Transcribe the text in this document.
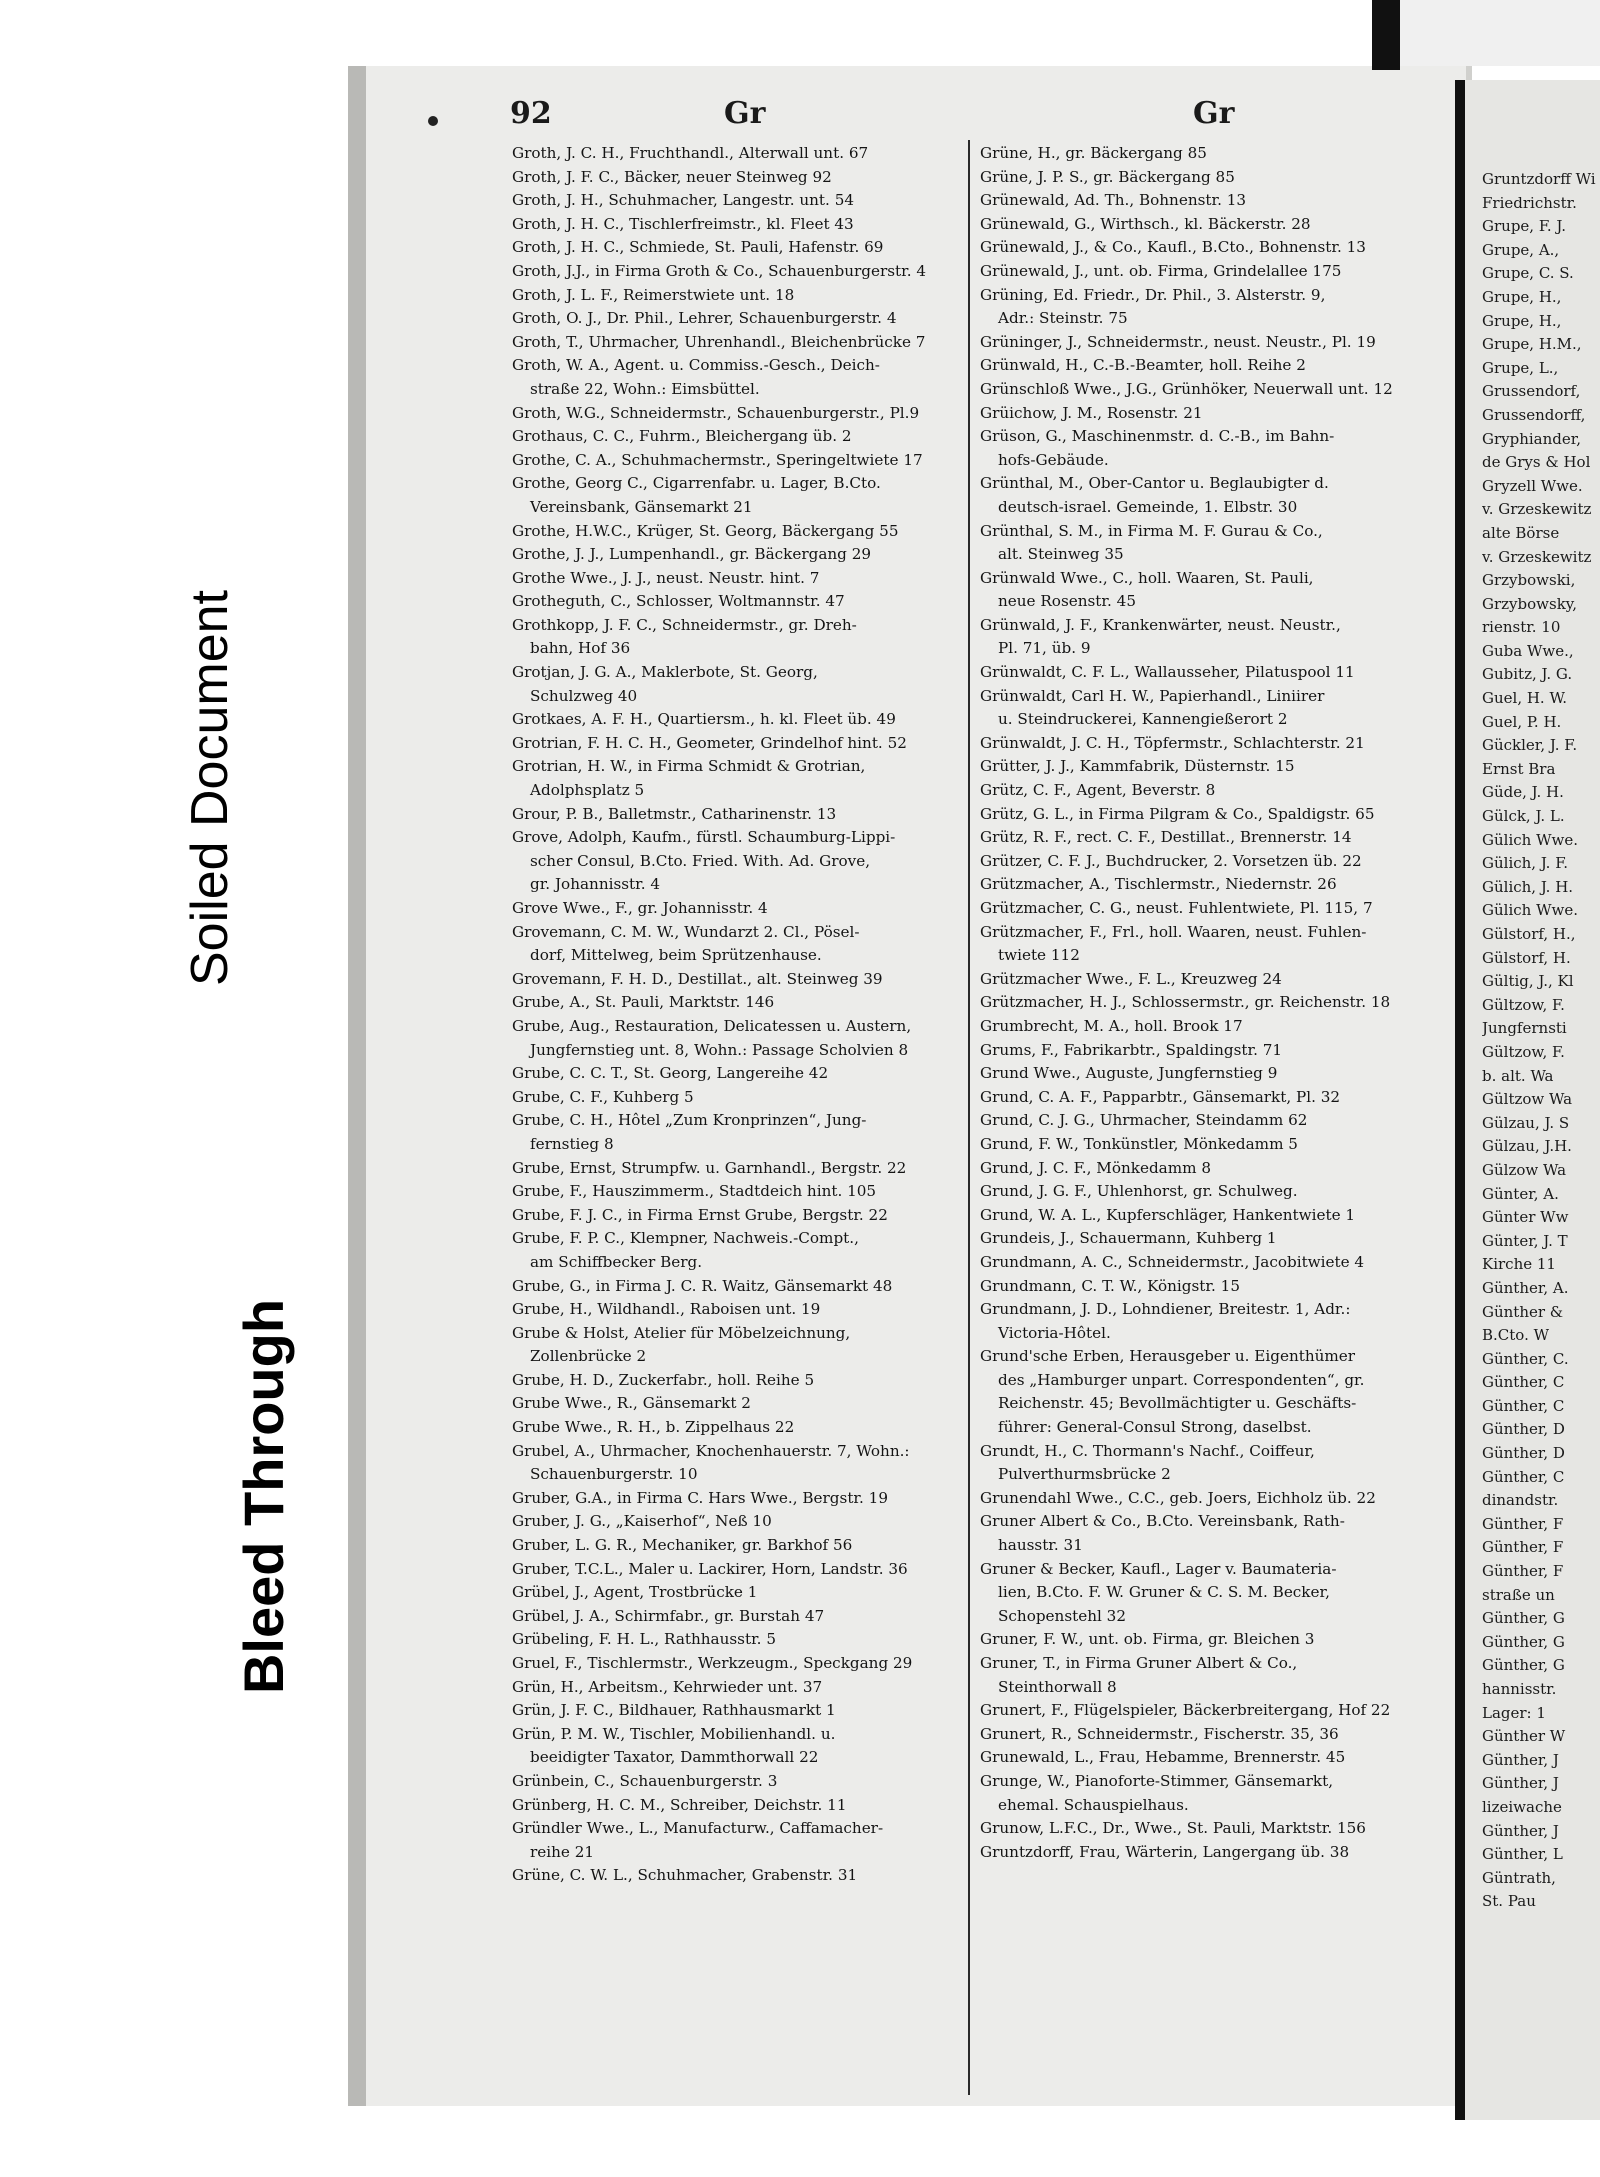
92	Gr	Gr
Groth, J. C. H., Fruchthandl., Alterwall unt. 67
Groth, J. F. C., Bäcker, neuer Steinweg 92
Groth, J. H., Schuhmacher, Langestr. unt. 54
Groth, J. H. C., Tischlerfreimstr., kl. Fleet 43
Groth, J. H. C., Schmiede, St. Pauli, Hafenstr. 69
Groth, J.J., in Firma Groth & Co., Schauenburgerstr. 4
Groth, J. L. F., Reimerstwiete unt. 18
Groth, O. J., Dr. Phil., Lehrer, Schauenburgerstr. 4
Groth, T., Uhrmacher, Uhrenhandl., Bleichenbrücke 7
Groth, W. A., Agent. u. Commiss.-Gesch., Deich-
straße 22, Wohn.: Eimsbüttel.
Groth, W.G., Schneidermstr., Schauenburgerstr., Pl.9
Grothaus, C. C., Fuhrm., Bleichergang üb. 2
Grothe, C. A., Schuhmachermstr., Speringeltwiete 17
Grothe, Georg C., Cigarrenfabr. u. Lager, B.Cto.
Vereinsbank, Gänsemarkt 21
Grothe, H.W.C., Krüger, St. Georg, Bäckergang 55
Grothe, J. J., Lumpenhandl., gr. Bäckergang 29
Grothe Wwe., J. J., neust. Neustr. hint. 7
Grotheguth, C., Schlosser, Woltmannstr. 47
Grothkopp, J. F. C., Schneidermstr., gr. Dreh-
bahn, Hof 36
Grotjan, J. G. A., Maklerbote, St. Georg,
Schulzweg 40
Grotkaes, A. F. H., Quartiersm., h. kl. Fleet üb. 49
Grotrian, F. H. C. H., Geometer, Grindelhof hint. 52
Grotrian, H. W., in Firma Schmidt & Grotrian,
Adolphsplatz 5
Grour, P. B., Balletmstr., Catharinenstr. 13
Grove, Adolph, Kaufm., fürstl. Schaumburg-Lippi-
scher Consul, B.Cto. Fried. With. Ad. Grove,
gr. Johannisstr. 4
Grove Wwe., F., gr. Johannisstr. 4
Grovemann, C. M. W., Wundarzt 2. Cl., Pösel-
dorf, Mittelweg, beim Sprützenhause.
Grovemann, F. H. D., Destillat., alt. Steinweg 39
Grube, A., St. Pauli, Marktstr. 146
Grube, Aug., Restauration, Delicatessen u. Austern,
Jungfernstieg unt. 8, Wohn.: Passage Scholvien 8
Grube, C. C. T., St. Georg, Langereihe 42
Grube, C. F., Kuhberg 5
Grube, C. H., Hôtel „Zum Kronprinzen“, Jung-
fernstieg 8
Grube, Ernst, Strumpfw. u. Garnhandl., Bergstr. 22
Grube, F., Hauszimmerm., Stadtdeich hint. 105
Grube, F. J. C., in Firma Ernst Grube, Bergstr. 22
Grube, F. P. C., Klempner, Nachweis.-Compt.,
am Schiffbecker Berg.
Grube, G., in Firma J. C. R. Waitz, Gänsemarkt 48
Grube, H., Wildhandl., Raboisen unt. 19
Grube & Holst, Atelier für Möbelzeichnung,
Zollenbrücke 2
Grube, H. D., Zuckerfabr., holl. Reihe 5
Grube Wwe., R., Gänsemarkt 2
Grube Wwe., R. H., b. Zippelhaus 22
Grubel, A., Uhrmacher, Knochenhauerstr. 7, Wohn.:
Schauenburgerstr. 10
Gruber, G.A., in Firma C. Hars Wwe., Bergstr. 19
Gruber, J. G., „Kaiserhof“, Neß 10
Gruber, L. G. R., Mechaniker, gr. Barkhof 56
Gruber, T.C.L., Maler u. Lackirer, Horn, Landstr. 36
Grübel, J., Agent, Trostbrücke 1
Grübel, J. A., Schirmfabr., gr. Burstah 47
Grübeling, F. H. L., Rathhausstr. 5
Gruel, F., Tischlermstr., Werkzeugm., Speckgang 29
Grün, H., Arbeitsm., Kehrwieder unt. 37
Grün, J. F. C., Bildhauer, Rathhausmarkt 1
Grün, P. M. W., Tischler, Mobilienhandl. u.
beeidigter Taxator, Dammthorwall 22
Grünbein, C., Schauenburgerstr. 3
Grünberg, H. C. M., Schreiber, Deichstr. 11
Gründler Wwe., L., Manufacturw., Caffamacher-
reihe 21
Grüne, C. W. L., Schuhmacher, Grabenstr. 31
Grüne, H., gr. Bäckergang 85
Grüne, J. P. S., gr. Bäckergang 85
Grünewald, Ad. Th., Bohnenstr. 13
Grünewald, G., Wirthsch., kl. Bäckerstr. 28
Grünewald, J., & Co., Kaufl., B.Cto., Bohnenstr. 13
Grünewald, J., unt. ob. Firma, Grindelallee 175
Grüning, Ed. Friedr., Dr. Phil., 3. Alsterstr. 9,
Adr.: Steinstr. 75
Grüninger, J., Schneidermstr., neust. Neustr., Pl. 19
Grünwald, H., C.-B.-Beamter, holl. Reihe 2
Grünschloß Wwe., J.G., Grünhöker, Neuerwall unt. 12
Grüichow, J. M., Rosenstr. 21
Grüson, G., Maschinenmstr. d. C.-B., im Bahn-
hofs-Gebäude.
Grünthal, M., Ober-Cantor u. Beglaubigter d.
deutsch-israel. Gemeinde, 1. Elbstr. 30
Grünthal, S. M., in Firma M. F. Gurau & Co.,
alt. Steinweg 35
Grünwald Wwe., C., holl. Waaren, St. Pauli,
neue Rosenstr. 45
Grünwald, J. F., Krankenwärter, neust. Neustr.,
Pl. 71, üb. 9
Grünwaldt, C. F. L., Wallausseher, Pilatuspool 11
Grünwaldt, Carl H. W., Papierhandl., Liniirer
u. Steindruckerei, Kannengießerort 2
Grünwaldt, J. C. H., Töpfermstr., Schlachterstr. 21
Grütter, J. J., Kammfabrik, Düsternstr. 15
Grütz, C. F., Agent, Beverstr. 8
Grütz, G. L., in Firma Pilgram & Co., Spaldigstr. 65
Grütz, R. F., rect. C. F., Destillat., Brennerstr. 14
Grützer, C. F. J., Buchdrucker, 2. Vorsetzen üb. 22
Grützmacher, A., Tischlermstr., Niedernstr. 26
Grützmacher, C. G., neust. Fuhlentwiete, Pl. 115, 7
Grützmacher, F., Frl., holl. Waaren, neust. Fuhlen-
twiete 112
Grützmacher Wwe., F. L., Kreuzweg 24
Grützmacher, H. J., Schlossermstr., gr. Reichenstr. 18
Grumbrecht, M. A., holl. Brook 17
Grums, F., Fabrikarbtr., Spaldingstr. 71
Grund Wwe., Auguste, Jungfernstieg 9
Grund, C. A. F., Papparbtr., Gänsemarkt, Pl. 32
Grund, C. J. G., Uhrmacher, Steindamm 62
Grund, F. W., Tonkünstler, Mönkedamm 5
Grund, J. C. F., Mönkedamm 8
Grund, J. G. F., Uhlenhorst, gr. Schulweg.
Grund, W. A. L., Kupferschläger, Hankentwiete 1
Grundeis, J., Schauermann, Kuhberg 1
Grundmann, A. C., Schneidermstr., Jacobitwiete 4
Grundmann, C. T. W., Königstr. 15
Grundmann, J. D., Lohndiener, Breitestr. 1, Adr.:
Victoria-Hôtel.
Grund'sche Erben, Herausgeber u. Eigenthümer
des „Hamburger unpart. Correspondenten“, gr.
Reichenstr. 45; Bevollmächtigter u. Geschäfts-
führer: General-Consul Strong, daselbst.
Grundt, H., C. Thormann's Nachf., Coiffeur,
Pulverthurmsbrücke 2
Grunendahl Wwe., C.C., geb. Joers, Eichholz üb. 22
Gruner Albert & Co., B.Cto. Vereinsbank, Rath-
hausstr. 31
Gruner & Becker, Kaufl., Lager v. Baumateria-
lien, B.Cto. F. W. Gruner & C. S. M. Becker,
Schopenstehl 32
Gruner, F. W., unt. ob. Firma, gr. Bleichen 3
Gruner, T., in Firma Gruner Albert & Co.,
Steinthorwall 8
Grunert, F., Flügelspieler, Bäckerbreitergang, Hof 22
Grunert, R., Schneidermstr., Fischerstr. 35, 36
Grunewald, L., Frau, Hebamme, Brennerstr. 45
Grunge, W., Pianoforte-Stimmer, Gänsemarkt,
ehemal. Schauspielhaus.
Grunow, L.F.C., Dr., Wwe., St. Pauli, Marktstr. 156
Gruntzdorff, Frau, Wärterin, Langergang üb. 38
Gruntzdorff Wi
Friedrichstr.
Grupe, F. J.
Grupe, A.,
Grupe, C. S.
Grupe, H.,
Grupe, H.,
Grupe, H.M.,
Grupe, L.,
Grussendorf,
Grussendorff,
Gryphiander,
de Grys & Hol
Gryzell Wwe.
v. Grzeskewitz
alte Börse
v. Grzeskewitz
Grzybowski,
Grzybowsky,
rienstr. 10
Guba Wwe.,
Gubitz, J. G.
Guel, H. W.
Guel, P. H.
Gückler, J. F.
Ernst Bra
Güde, J. H.
Gülck, J. L.
Gülich Wwe.
Gülich, J. F.
Gülich, J. H.
Gülich Wwe.
Gülstorf, H.,
Gülstorf, H.
Gültig, J., Kl
Gültzow, F.
Jungfernsti
Gültzow, F.
b. alt. Wa
Gültzow Wa
Gülzau, J. S
Gülzau, J.H.
Gülzow Wa
Günter, A.
Günter Ww
Günter, J. T
Kirche 11
Günther, A.
Günther &
B.Cto. W
Günther, C.
Günther, C
Günther, C
Günther, D
Günther, D
Günther, C
dinandstr.
Günther, F
Günther, F
Günther, F
straße un
Günther, G
Günther, G
Günther, G
hannisstr.
Lager: 1
Günther W
Günther, J
Günther, J
lizeiwache
Günther, J
Günther, L
Güntrath,
St. Pau
Soiled Document
Bleed Through
